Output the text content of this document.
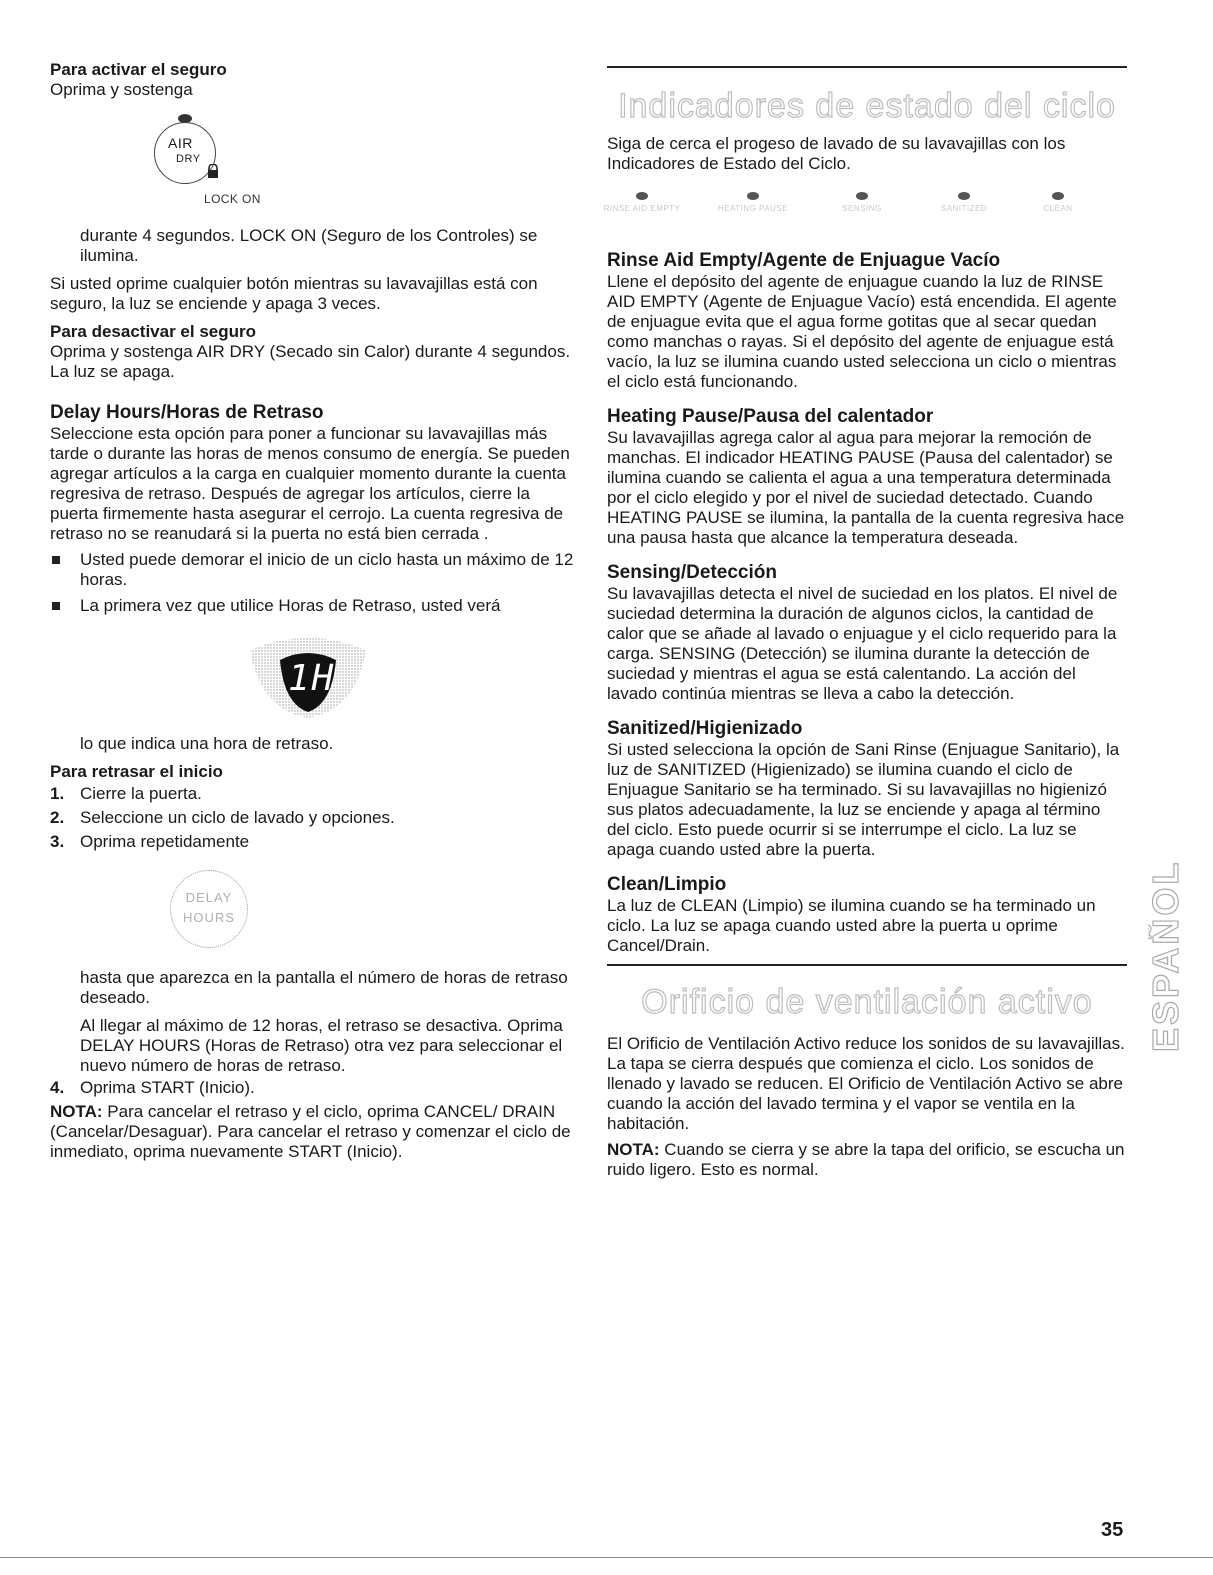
Para activar el seguro

Oprima y sostenga

AIR
DRY
LOCK ON

durante 4 segundos. LOCK ON (Seguro de los Controles) se ilumina.

Si usted oprime cualquier botón mientras su lavavajillas está con seguro, la luz se enciende y apaga 3 veces.

Para desactivar el seguro

Oprima y sostenga AIR DRY (Secado sin Calor) durante 4 segundos. La luz se apaga.

Delay Hours/Horas de Retraso

Seleccione esta opción para poner a funcionar su lavavajillas más tarde o durante las horas de menos consumo de energía. Se pueden agregar artículos a la carga en cualquier momento durante la cuenta regresiva de retraso. Después de agregar los artículos, cierre la puerta firmemente hasta asegurar el cerrojo. La cuenta regresiva de retraso no se reanudará si la puerta no está bien cerrada .

Usted puede demorar el inicio de un ciclo hasta un máximo de 12 horas.
La primera vez que utilice Horas de Retraso, usted verá
1H

lo que indica una hora de retraso.

Para retrasar el inicio
1. Cierre la puerta.
2. Seleccione un ciclo de lavado y opciones.
3. Oprima repetidamente
DELAY
HOURS

hasta que aparezca en la pantalla el número de horas de retraso deseado.

Al llegar al máximo de 12 horas, el retraso se desactiva. Oprima DELAY HOURS (Horas de Retraso) otra vez para seleccionar el nuevo número de horas de retraso.

4. Oprima START (Inicio).

NOTA: Para cancelar el retraso y el ciclo, oprima CANCEL/ DRAIN (Cancelar/Desaguar). Para cancelar el retraso y comenzar el ciclo de inmediato, oprima nuevamente START (Inicio).

Indicadores de estado del ciclo

Siga de cerca el progeso de lavado de su lavavajillas con los Indicadores de Estado del Ciclo.

RINSE AID EMPTY	HEATING PAUSE	SENSING	SANITIZED	CLEAN
Rinse Aid Empty/Agente de Enjuague Vacío

Llene el depósito del agente de enjuague cuando la luz de RINSE AID EMPTY (Agente de Enjuague Vacío) está encendida. El agente de enjuague evita que el agua forme gotitas que al secar quedan como manchas o rayas. Si el depósito del agente de enjuague está vacío, la luz se ilumina cuando usted selecciona un ciclo o mientras el ciclo está funcionando.

Heating Pause/Pausa del calentador

Su lavavajillas agrega calor al agua para mejorar la remoción de manchas. El indicador HEATING PAUSE (Pausa del calentador) se ilumina cuando se calienta el agua a una temperatura determinada por el ciclo elegido y por el nivel de suciedad detectado. Cuando HEATING PAUSE se ilumina, la pantalla de la cuenta regresiva hace una pausa hasta que alcance la temperatura deseada.

Sensing/Detección

Su lavavajillas detecta el nivel de suciedad en los platos. El nivel de suciedad determina la duración de algunos ciclos, la cantidad de calor que se añade al lavado o enjuague y el ciclo requerido para la carga. SENSING (Detección) se ilumina durante la detección de suciedad y mientras el agua se está calentando. La acción del lavado continúa mientras se lleva a cabo la detección.

Sanitized/Higienizado

Si usted selecciona la opción de Sani Rinse (Enjuague Sanitario), la luz de SANITIZED (Higienizado) se ilumina cuando el ciclo de Enjuague Sanitario se ha terminado. Si su lavavajillas no higienizó sus platos adecuadamente, la luz se enciende y apaga al término del ciclo. Esto puede ocurrir si se interrumpe el ciclo. La luz se apaga cuando usted abre la puerta.

Clean/Limpio

La luz de CLEAN (Limpio) se ilumina cuando se ha terminado un ciclo. La luz se apaga cuando usted abre la puerta u oprime Cancel/Drain.

Orificio de ventilación activo

El Orificio de Ventilación Activo reduce los sonidos de su lavavajillas. La tapa se cierra después que comienza el ciclo. Los sonidos de llenado y lavado se reducen. El Orificio de Ventilación Activo se abre cuando la acción del lavado termina y el vapor se ventila en la habitación.

NOTA: Cuando se cierra y se abre la tapa del orificio, se escucha un ruido ligero. Esto es normal.

ESPAÑOL
35
